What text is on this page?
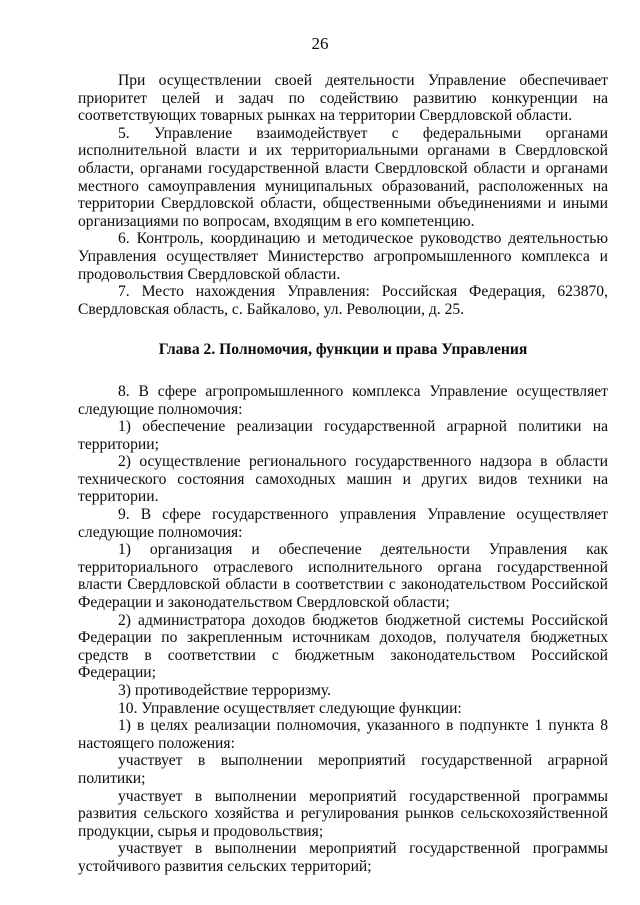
26

При осуществлении своей деятельности Управление обеспечивает приоритет целей и задач по содействию развитию конкуренции на соответствующих товарных рынках на территории Свердловской области.

5. Управление взаимодействует с федеральными органами исполнительной власти и их территориальными органами в Свердловской области, органами государственной власти Свердловской области и органами местного самоуправления муниципальных образований, расположенных на территории Свердловской области, общественными объединениями и иными организациями по вопросам, входящим в его компетенцию.

6. Контроль, координацию и методическое руководство деятельностью Управления осуществляет Министерство агропромышленного комплекса и продовольствия Свердловской области.

7. Место нахождения Управления: Российская Федерация, 623870, Свердловская область, с. Байкалово, ул. Революции, д. 25.

Глава 2. Полномочия, функции и права Управления

8. В сфере агропромышленного комплекса Управление осуществляет следующие полномочия:

1) обеспечение реализации государственной аграрной политики на территории;

2) осуществление регионального государственного надзора в области технического состояния самоходных машин и других видов техники на территории.

9. В сфере государственного управления Управление осуществляет следующие полномочия:

1) организация и обеспечение деятельности Управления как территориального отраслевого исполнительного органа государственной власти Свердловской области в соответствии с законодательством Российской Федерации и законодательством Свердловской области;

2) администратора доходов бюджетов бюджетной системы Российской Федерации по закрепленным источникам доходов, получателя бюджетных средств в соответствии с бюджетным законодательством Российской Федерации;

3) противодействие терроризму.

10. Управление осуществляет следующие функции:

1) в целях реализации полномочия, указанного в подпункте 1 пункта 8 настоящего положения:

участвует в выполнении мероприятий государственной аграрной политики;

участвует в выполнении мероприятий государственной программы развития сельского хозяйства и регулирования рынков сельскохозяйственной продукции, сырья и продовольствия;

участвует в выполнении мероприятий государственной программы устойчивого развития сельских территорий;
